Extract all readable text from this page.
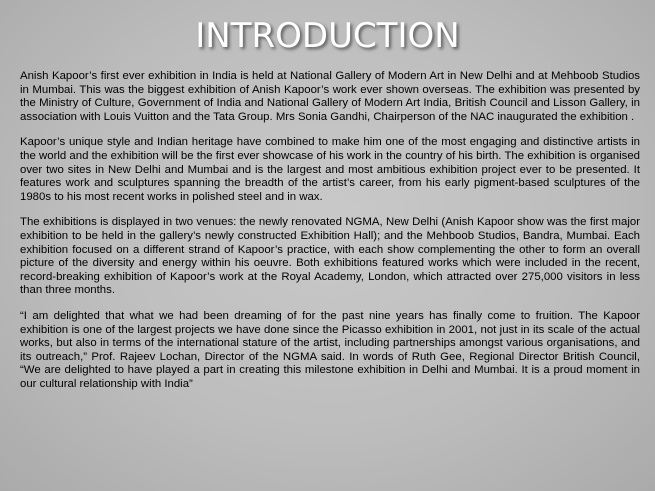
INTRODUCTION

Anish Kapoor’s first ever exhibition in India is held at National Gallery of Modern Art in New Delhi and at Mehboob Studios in Mumbai. This was the biggest exhibition of Anish Kapoor’s work ever shown overseas. The exhibition was presented by the Ministry of Culture, Government of India and National Gallery of Modern Art India, British Council and Lisson Gallery, in association with Louis Vuitton and the Tata Group. Mrs Sonia Gandhi, Chairperson of the NAC inaugurated the exhibition .

Kapoor’s unique style and Indian heritage have combined to make him one of the most engaging and distinctive artists in the world and the exhibition will be the first ever showcase of his work in the country of his birth. The exhibition is organised over two sites in New Delhi and Mumbai and is the largest and most ambitious exhibition project ever to be presented. It features work and sculptures spanning the breadth of the artist’s career, from his early pigment-based sculptures of the 1980s to his most recent works in polished steel and in wax.

The exhibitions is displayed in two venues: the newly renovated NGMA, New Delhi (Anish Kapoor show was the first major exhibition to be held in the gallery’s newly constructed Exhibition Hall); and the Mehboob Studios, Bandra, Mumbai. Each exhibition focused on a different strand of Kapoor’s practice, with each show complementing the other to form an overall picture of the diversity and energy within his oeuvre. Both exhibitions featured works which were included in the recent, record-breaking exhibition of Kapoor’s work at the Royal Academy, London, which attracted over 275,000 visitors in less than three months.

“I am delighted that what we had been dreaming of for the past nine years has finally come to fruition. The Kapoor exhibition is one of the largest projects we have done since the Picasso exhibition in 2001, not just in its scale of the actual works, but also in terms of the international stature of the artist, including partnerships amongst various organisations, and its outreach,” Prof. Rajeev Lochan, Director of the NGMA said. In words of Ruth Gee, Regional Director British Council, “We are delighted to have played a part in creating this milestone exhibition in Delhi and Mumbai. It is a proud moment in our cultural relationship with India”
